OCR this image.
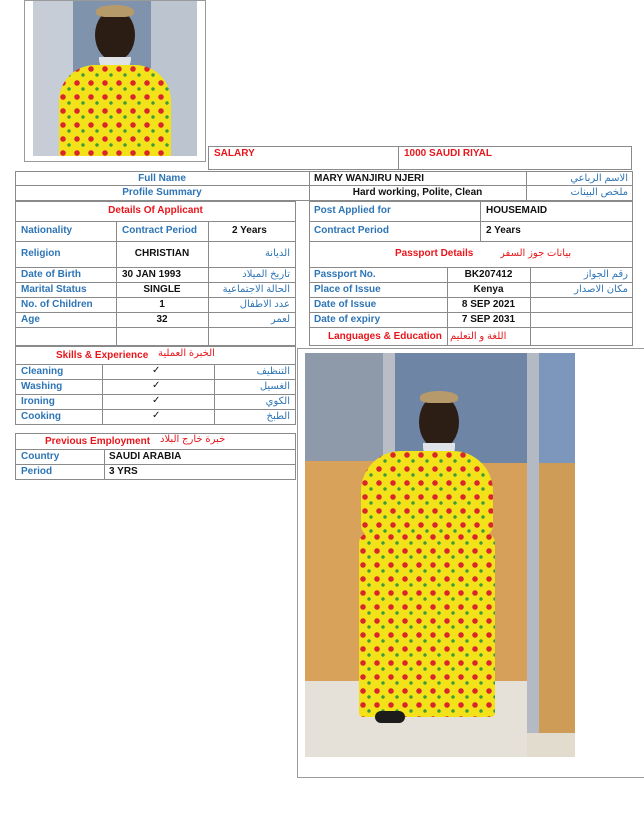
SALARY	1000 SAUDI RIYAL
Full Name	MARY WANJIRU NJERI	الاسم الرباعي
Profile Summary	Hard working, Polite, Clean	ملخص البينات
Details Of Applicant
Nationality	Contract Period	2 Years
Religion	CHRISTIAN	الديانة
Date of Birth	30 JAN 1993	تاريخ الميلاد
Marital Status	SINGLE	الحالة الاجتماعية
No. of Children	1	عدد الاطفال
Age	32	لعمر
Post Applied for	HOUSEMAID
Contract Period	2 Years
Passport Details	بيانات جوز السفر
Passport No.	BK207412	رقم الجواز
Place of Issue	Kenya	مكان الاصدار
Date of Issue	8 SEP 2021
Date of expiry	7 SEP 2031
Languages & Education اللغة و التعليم
Skills & Experience الخبرة العملية
Cleaning	✓	التنظيف
Washing	✓	الغسيل
Ironing	✓	الكوي
Cooking	✓	الطبخ
Previous Employment خبرة خارج البلاد
Country	SAUDI ARABIA
Period	3 YRS
